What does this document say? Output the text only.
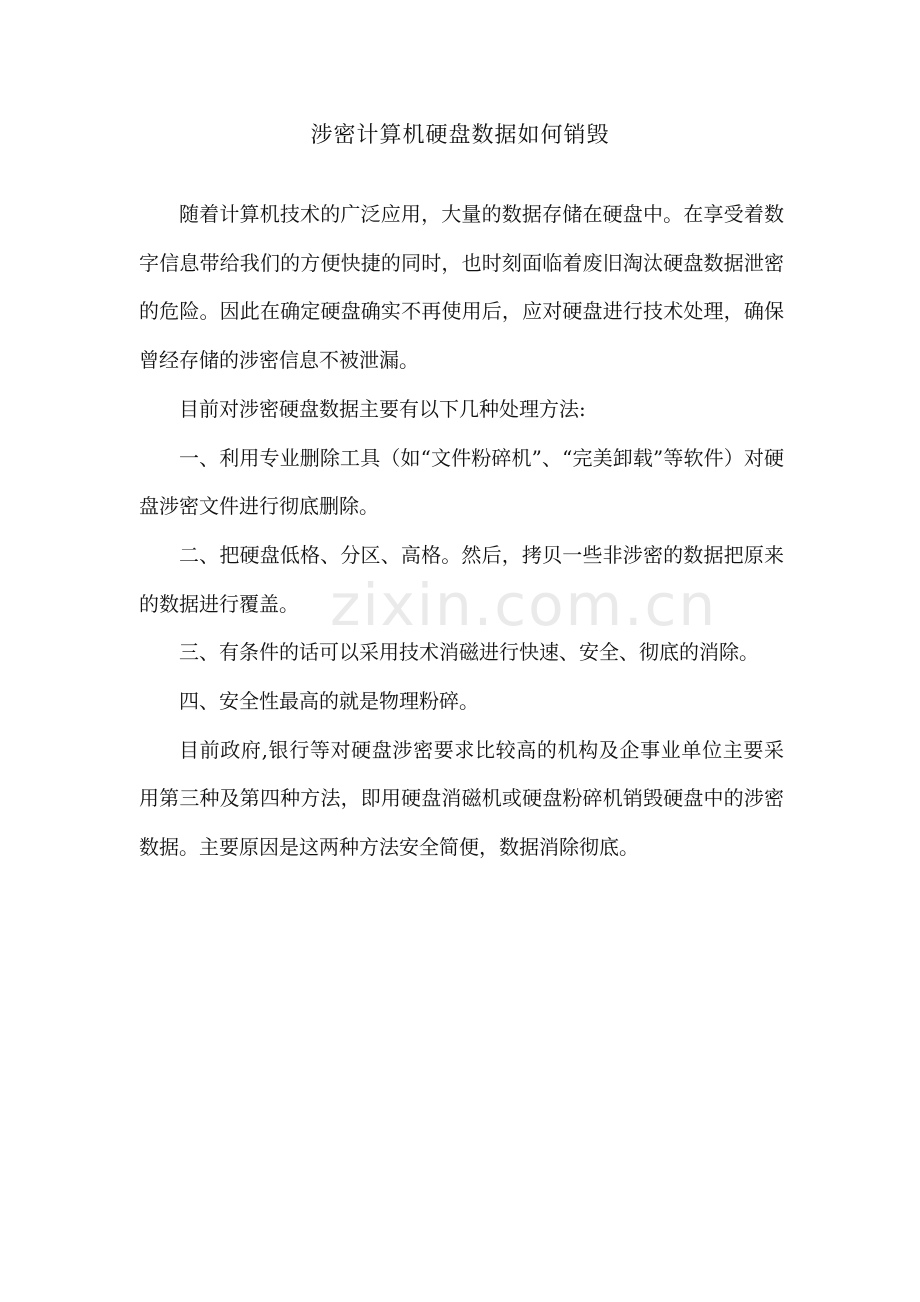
涉密计算机硬盘数据如何销毁

随着计算机技术的广泛应用，大量的数据存储在硬盘中。在享受着数字信息带给我们的方便快捷的同时，也时刻面临着废旧淘汰硬盘数据泄密的危险。因此在确定硬盘确实不再使用后，应对硬盘进行技术处理，确保曾经存储的涉密信息不被泄漏。

目前对涉密硬盘数据主要有以下几种处理方法:

一、利用专业删除工具（如“文件粉碎机”、“完美卸载”等软件）对硬盘涉密文件进行彻底删除。

二、把硬盘低格、分区、高格。然后，拷贝一些非涉密的数据把原来的数据进行覆盖。

三、有条件的话可以采用技术消磁进行快速、安全、彻底的消除。

四、安全性最高的就是物理粉碎。

目前政府,银行等对硬盘涉密要求比较高的机构及企事业单位主要采用第三种及第四种方法，即用硬盘消磁机或硬盘粉碎机销毁硬盘中的涉密数据。主要原因是这两种方法安全简便，数据消除彻底。

zixin.com.cn
